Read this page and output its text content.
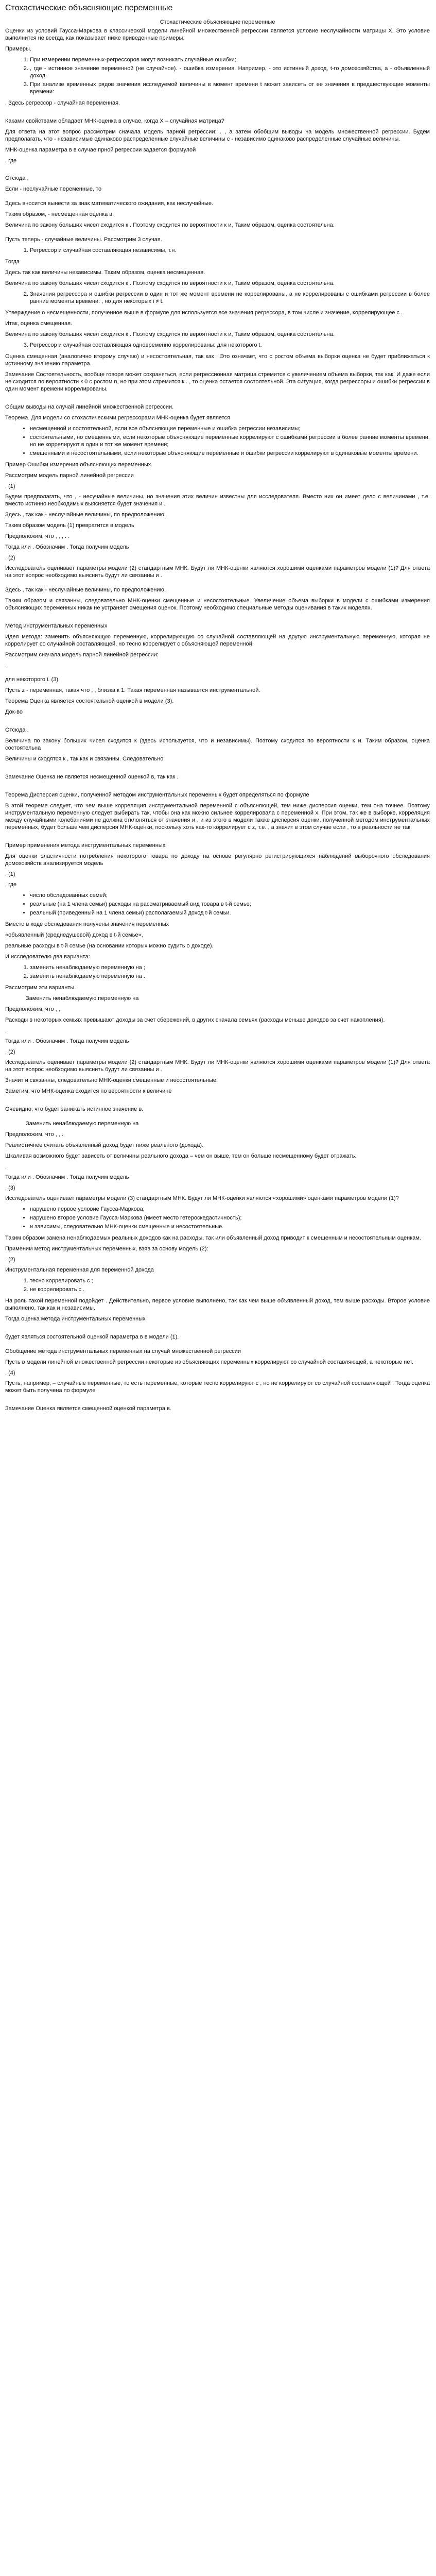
Стохастические объясняющие переменные

Стохастические объясняющие переменные

Оценки из условий Гаусса-Маркова в классической модели линейной множественной регрессии является условие неслучайности матрицы Х. Это условие выполнится не всегда, как показывает ниже приведенные примеры.

Примеры.

1. При измерении переменных-регрессоров могут возникать случайные ошибки;
2. , где - истинное значение переменной (не случайное). - ошибка измерения. Например, - это истинный доход, t-го домохозяйства, а - объявленный доход.
3. При анализе временных рядов значения исследуемой величины в момент времени t может зависеть от ее значения в предшествующие моменты времени:

, Здесь регрессор - случайная переменная.

Каками свойствами обладает МНК-оценка в случае, когда Х – случайная матрица?

Для ответа на этот вопрос рассмотрим сначала модель парной регрессии: . , а затем обобщим выводы на модель множественной регрессии. Будем предполагать, что - независимые одинаково распределенные случайные величины с - независимо одинаково распределенные случайные величины.

МНК-оценка параметра в в случае прной регрессии задается формулой

, где

Отсюда ,

Если - неслучайные переменные, то

Здесь вносится вынести за знак математического ожидания, как неслучайные.

Таким образом, - несмещенная оценка в.

Величина по закону больших чисел сходится к . Поэтому сходится по вероятности к и, Таким образом, оценка состоятельна.

Пусть теперь - случайные величины. Рассмотрим 3 случая.

1. Регрессор и случайная составляющая независимы, т.н.

Тогда

Здесь так как величины независимы. Таким образом, оценка несмещенная.

Величина по закону больших чисел сходится к . Поэтому сходится по вероятности к и, Таким образом, оценка состоятельна.

2. Значения регрессора и ошибки регрессии в один и тот же момент времени не коррелированы, а не коррелированы с ошибками регрессии в более ранние моменты времени: , но для некоторых i ≠ t.

Утверждение о несмещенности, полученное выше в формуле для используется все значения регрессора, в том числе и значение, коррелирующее с .

Итак, оценка смещенная.

Величина по закону больших чисел сходится к . Поэтому сходится по вероятности к и, Таким образом, оценка состоятельна.

3. Регрессор и случайная составляющая одновременно коррелированы: для некоторого t.

Оценка смещенная (аналогично второму случаю) и несостоятельная, так как . Это означает, что с ростом объема выборки оценка не будет приближаться к истинному значению параметра.

Замечание Состоятельность, вообще говоря может сохраняться, если регрессионная матрица стремится с увеличением объема выборки, так как. И даже если не сходится по вероятности к 0 с ростом n, но при этом стремится к . , то оценка остается состоятельной. Эта ситуация, когда регрессоры и ошибки регрессии в один момент времени коррелированы.

Общим выводы на случай линейной множественной регрессии.

Теорема. Для модели со стохастическими регрессорами МНК-оценка будет является

• несмещенной и состоятельной, если все объясняющие переменные и ошибка регрессии независимы;
• состоятельными, но смещенными, если некоторые объясняющие переменные коррелируют с ошибками регрессии в более ранние моменты времени, но не коррелируют в один и тот же момент времени;
• смещенными и несостоятельными, если некоторые объясняющие переменные и ошибки регрессии коррелируют в одинаковые моменты времени.

Пример Ошибки измерения объясняющих переменных.

Рассмотрим модель парной линейной регрессии

, (1)

Будем предполагать, что , - несучайные величины, но значения этих величин известны для исследователя. Вместо них он имеет дело с величинами , т.е. вместо истинно необходимых выясняется будет значения и .

Здесь , так как - неслучайные величины, по предположению.

Таким образом модель (1) превратится в модель

Предположим, что , , , . .

Тогда или . Обозначим . Тогда получим модель

. (2)

Исследователь оценивает параметры модели (2) стандартным МНК. Будут ли МНК-оценки являются хорошими оценками параметров модели (1)? Для ответа на этот вопрос необходимо выяснить будут ли связанны и .

Здесь , так как - неслучайные величины, по предположению.

Таким образом и связанны, следовательно МНК-оценки смещенные и несостоятельные. Увеличение объема выборки в модели с ошибками измерения объясняющих переменных никак не устраняет смещения оценок. Поэтому необходимо специальные методы оценивания в таких моделях.

Метод инструментальных переменных

Идея метода: заменить объясняющую переменную, коррелирующую со случайной составляющей на другую инструментальную переменную, которая не коррелирует со случайной составляющей, но тесно коррелирует с объясняющей переменной.

Рассмотрим сначала модель парной линейной регрессии:

.

для некоторого i. (3)

Пусть z - переменная, такая что , , близка к 1. Такая переменная называется инструментальной.

Теорема Оценка является состоятельной оценкой в модели (3).

Док-во

Отсюда .

Величина по закону больших чисел сходится к (здесь используется, что и независимы). Поэтому сходится по вероятности к и. Таким образом, оценка состоятельна

Величины и сходятся к , так как и связанны. Следовательно

Замечание Оценка не является несмещенной оценкой в, так как .

Теорема Дисперсия оценки, полученной методом инструментальных переменных будет определяться по формуле

В этой теореме следует, что чем выше корреляция инструментальной переменной с объясняющей, тем ниже дисперсия оценки, тем она точнее. Поэтому инструментальную переменную следует выбирать так, чтобы она как можно сильнее коррелировала с переменной х. При этом, так же в выборке, корреляция между случайными колебаниями не должна отклоняться от значения и , и из этого в модели также дисперсия оценки, полученной методом инструментальных переменных, будет больше чем дисперсия МНК-оценки, поскольку хоть как-то коррелирует с z, т.е. , а значит в этом случае если , то в реальности не так.

Пример применения метода инструментальных переменных

Для оценки эластичности потребления некоторого товара по доходу на основе регулярно регистрирующихся наблюдений выборочного обследования домохозяйств анализируется модель

. (1)

, где

• число обследованных семей;
• реальные (на 1 члена семьи) расходы на рассматриваемый вид товара в t-й семье;
• реальный (приведенный на 1 члена семьи) располагаемый доход t-й семьи.

Вместо в ходе обследования получены значения переменных

«объявленный (среднедушевой) доход в t-й семье»,

реальные расходы в t-й семье (на основании которых можно судить о доходе).

И исследователю два варианта:

1. заменить ненаблюдаемую переменную на ;
2. заменить ненаблюдаемую переменную на .

Рассмотрим эти варианты.

Заменить ненаблюдаемую переменную на

Предположим, что , ,

Расходы в некоторых семьях превышают доходы за счет сбережений, в других сначала семьях (расходы меньше доходов за счет накопления).

,

Тогда или . Обозначим . Тогда получим модель

. (2)

Исследователь оценивает параметры модели (2) стандартным МНК. Будут ли МНК-оценки являются хорошими оценками параметров модели (1)? Для ответа на этот вопрос необходимо выяснить будут ли связанны и .

Значит и связанны, следовательно МНК-оценки смещенные и несостоятельные.

Заметим, что МНК-оценка сходится по вероятности к величине

Очевидно, что будет занижать истинное значение в.

Заменить ненаблюдаемую переменную на

Предположим, что , , .

Реалистичнее считать объявленный доход будет ниже реального (дохода).

Шкаливая возможного будет зависеть от величины реального дохода – чем он выше, тем он больше несмещенному будет отражать.

,

Тогда или . Обозначим . Тогда получим модель

. (3)

Исследователь оценивает параметры модели (3) стандартным МНК. Будут ли МНК-оценки являются «хорошими» оценками параметров модели (1)?

• нарушено первое условие Гаусса-Маркова;
• нарушено второе условие Гаусса-Маркова (имеет место гетероскедастичность);
• и зависимы, следовательно МНК-оценки смещенные и несостоятельные.

Таким образом замена ненаблюдаемых реальных доходов как на расходы, так или объявленный доход приводит к смещенным и несостоятельным оценкам.

Применим метод инструментальных переменных, взяв за основу модель (2):

. (2)

Инструментальная переменная для переменной дохода

1. тесно коррелировать с ;
2. не коррелировать с .

На роль такой переменной подойдет . Действительно, первое условие выполнено, так как чем выше объявленный доход, тем выше расходы. Второе условие выполнено, так как и независимы.

Тогда оценка метода инструментальных переменных

будет являться состоятельной оценкой параметра в в модели (1).

Обобщение метода инструментальных переменных на случай множественной регрессии

Пусть в модели линейной множественной регрессии некоторые из объясняющих переменных коррелируют со случайной составляющей, а некоторые нет.

, (4)

Пусть, например, – случайные переменные, то есть переменные, которые тесно коррелируют с , но не коррелируют со случайной составляющей . Тогда оценка может быть получена по формуле

Замечание Оценка является смещенной оценкой параметра в.
